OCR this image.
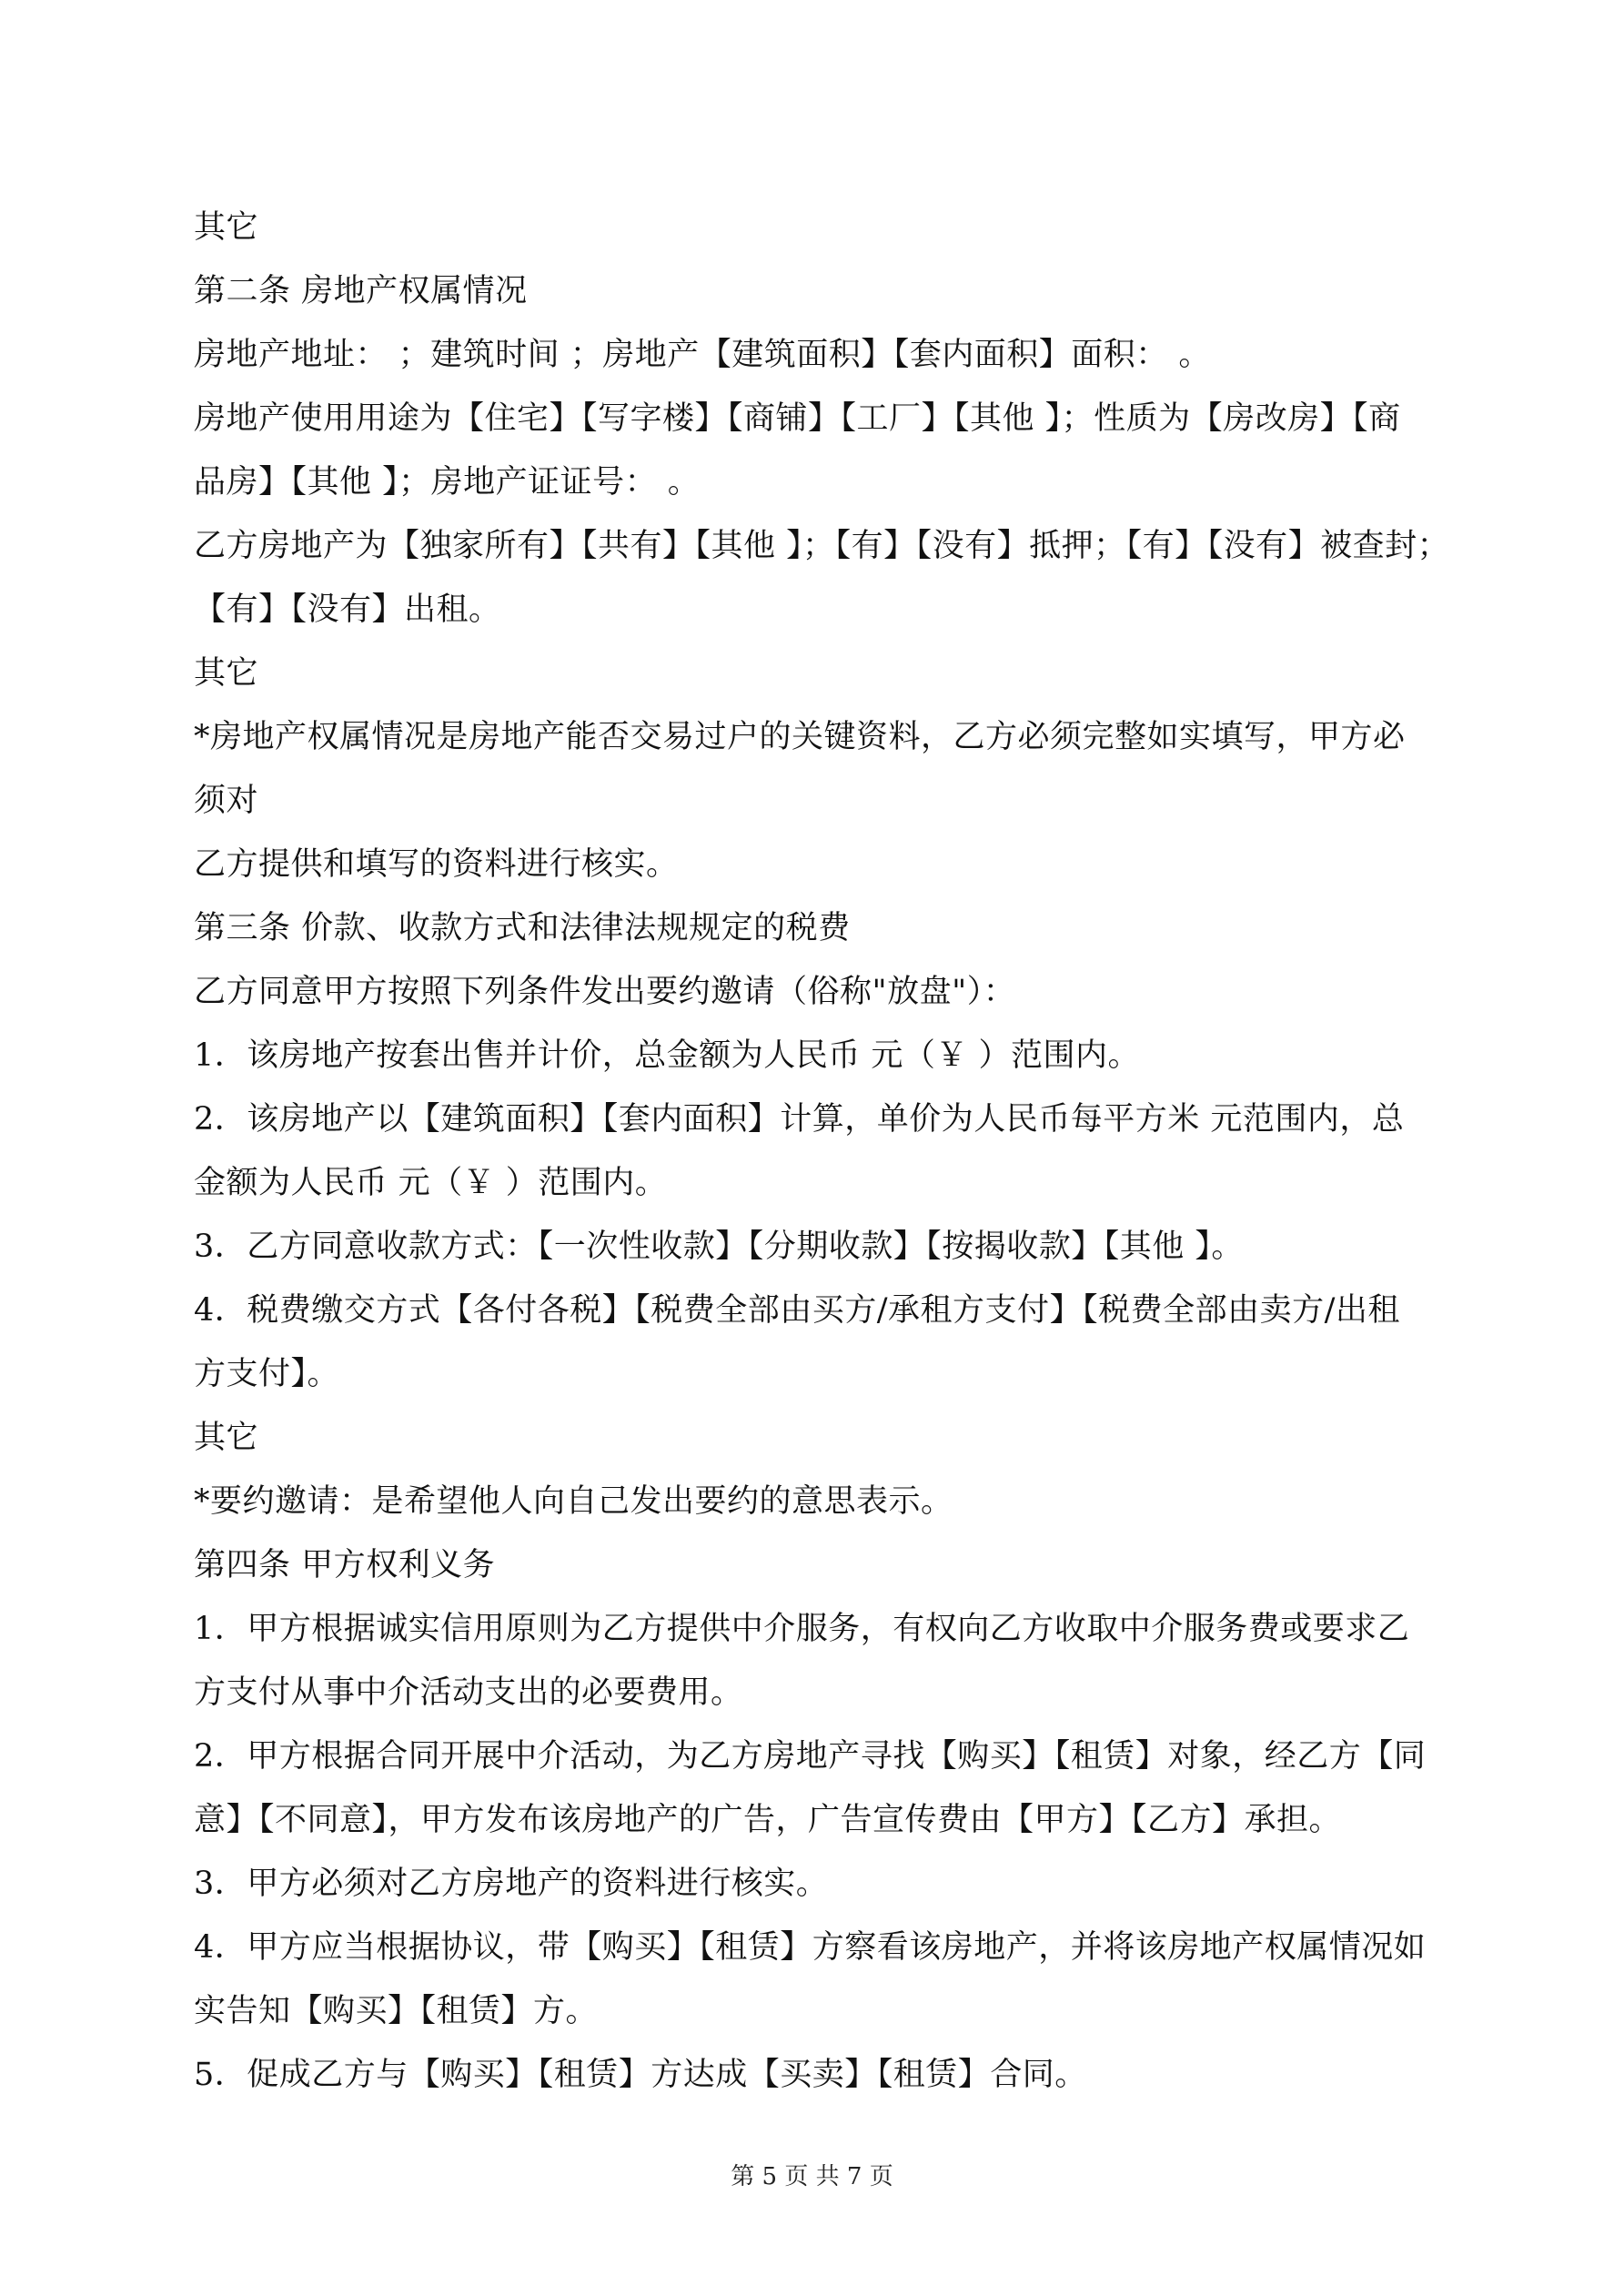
其它
第二条 房地产权属情况
房地产地址： ；建筑时间 ；房地产【建筑面积】【套内面积】面积： 。
房地产使用用途为【住宅】【写字楼】【商铺】【工厂】【其他 】；性质为【房改房】【商
品房】【其他 】；房地产证证号： 。
乙方房地产为【独家所有】【共有】【其他 】；【有】【没有】抵押；【有】【没有】被查封；
【有】【没有】出租。
其它
*房地产权属情况是房地产能否交易过户的关键资料，乙方必须完整如实填写，甲方必
须对
乙方提供和填写的资料进行核实。
第三条 价款、收款方式和法律法规规定的税费
乙方同意甲方按照下列条件发出要约邀请（俗称"放盘"）：
1．该房地产按套出售并计价，总金额为人民币 元（￥ ）范围内。
2．该房地产以【建筑面积】【套内面积】计算，单价为人民币每平方米 元范围内，总
金额为人民币 元（￥ ）范围内。
3．乙方同意收款方式：【一次性收款】【分期收款】【按揭收款】【其他 】。
4．税费缴交方式【各付各税】【税费全部由买方/承租方支付】【税费全部由卖方/出租
方支付】。
其它
*要约邀请：是希望他人向自己发出要约的意思表示。
第四条 甲方权利义务
1．甲方根据诚实信用原则为乙方提供中介服务，有权向乙方收取中介服务费或要求乙
方支付从事中介活动支出的必要费用。
2．甲方根据合同开展中介活动，为乙方房地产寻找【购买】【租赁】对象，经乙方【同
意】【不同意】，甲方发布该房地产的广告，广告宣传费由【甲方】【乙方】承担。
3．甲方必须对乙方房地产的资料进行核实。
4．甲方应当根据协议，带【购买】【租赁】方察看该房地产，并将该房地产权属情况如
实告知【购买】【租赁】方。
5．促成乙方与【购买】【租赁】方达成【买卖】【租赁】合同。
第 5 页 共 7 页
